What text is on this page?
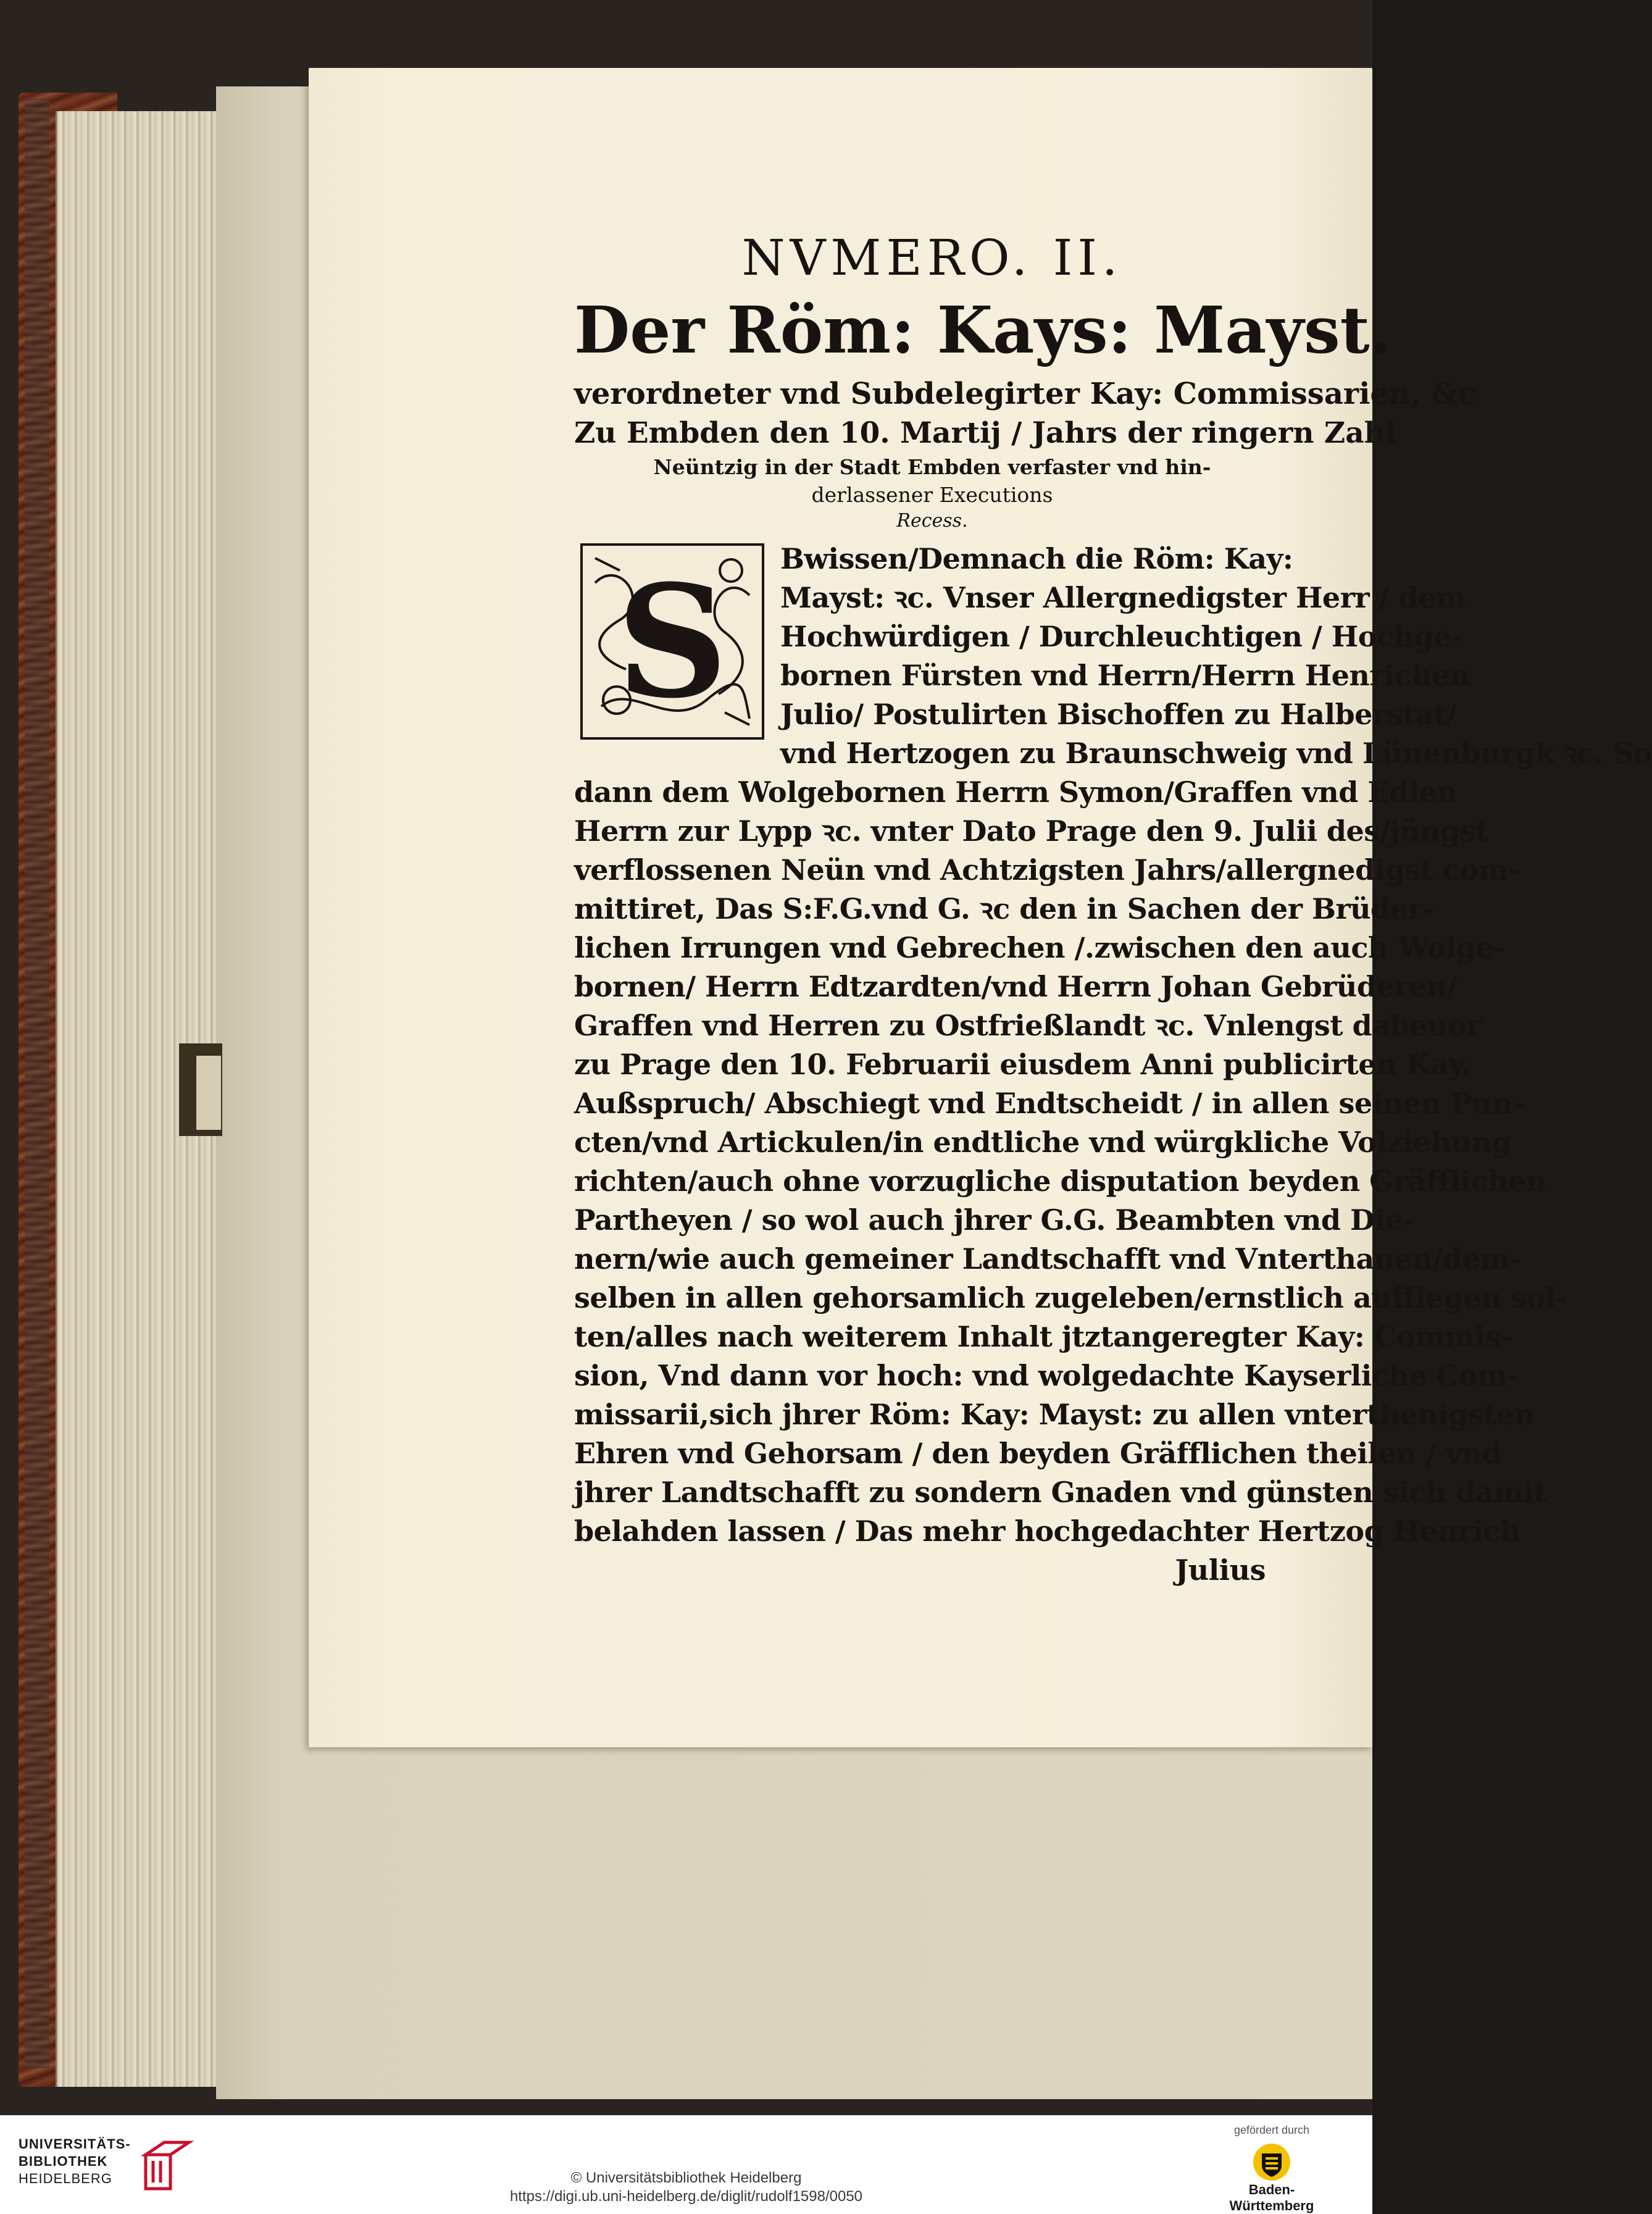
NVMERO. II.
Der Röm: Kays: Mayst.
verordneter vnd Subdelegirter Kay: Commissarien, &c
Zu Embden den 10. Martij / Jahrs der ringern Zahl
Neüntzig in der Stadt Embden verfaster vnd hin-
derlassener Executions
Recess.
S	Bwissen/Demnach die Röm: Kay:
Mayst: ꝛc. Vnser Allergnedigster Herr / dem
Hochwürdigen / Durchleuchtigen / Hochge-
bornen Fürsten vnd Herrn/Herrn Henrichen
Julio/ Postulirten Bischoffen zu Halberstat/
vnd Hertzogen zu Braunschweig vnd Lünenburgk ꝛc. So
dann dem Wolgebornen Herrn Symon/Graffen vnd Edlen
Herrn zur Lypp ꝛc. vnter Dato Prage den 9. Julii des/jüngst
verflossenen Neün vnd Achtzigsten Jahrs/allergnedigst com-
mittiret, Das S:F.G.vnd G. ꝛc den in Sachen der Brüder-
lichen Irrungen vnd Gebrechen /.zwischen den auch Wolge-
bornen/ Herrn Edtzardten/vnd Herrn Johan Gebrüderen/
Graffen vnd Herren zu Ostfrießlandt ꝛc. Vnlengst dabeuor
zu Prage den 10. Februarii eiusdem Anni publicirten Kay.
Außspruch/ Abschiegt vnd Endtscheidt / in allen seinen Pun-
cten/vnd Artickulen/in endtliche vnd würgkliche Volziehung
richten/auch ohne vorzugliche disputation beyden Gräfflichen
Partheyen / so wol auch jhrer G.G. Beambten vnd Die-
nern/wie auch gemeiner Landtschafft vnd Vnterthanen/dem-
selben in allen gehorsamlich zugeleben/ernstlich aufflegen sol-
ten/alles nach weiterem Inhalt jtztangeregter Kay: Commis-
sion, Vnd dann vor hoch: vnd wolgedachte Kayserliche Com-
missarii,sich jhrer Röm: Kay: Mayst: zu allen vnterthenigsten
Ehren vnd Gehorsam / den beyden Gräfflichen theilen / vnd
jhrer Landtschafft zu sondern Gnaden vnd günsten sich damit
belahden lassen / Das mehr hochgedachter Hertzog Henrich
Julius
UNIVERSITÄTS-
BIBLIOTHEK
HEIDELBERG	© Universitätsbibliothek Heidelberg
https://digi.ub.uni-heidelberg.de/diglit/rudolf1598/0050
gefördert durch
Baden-Württemberg
